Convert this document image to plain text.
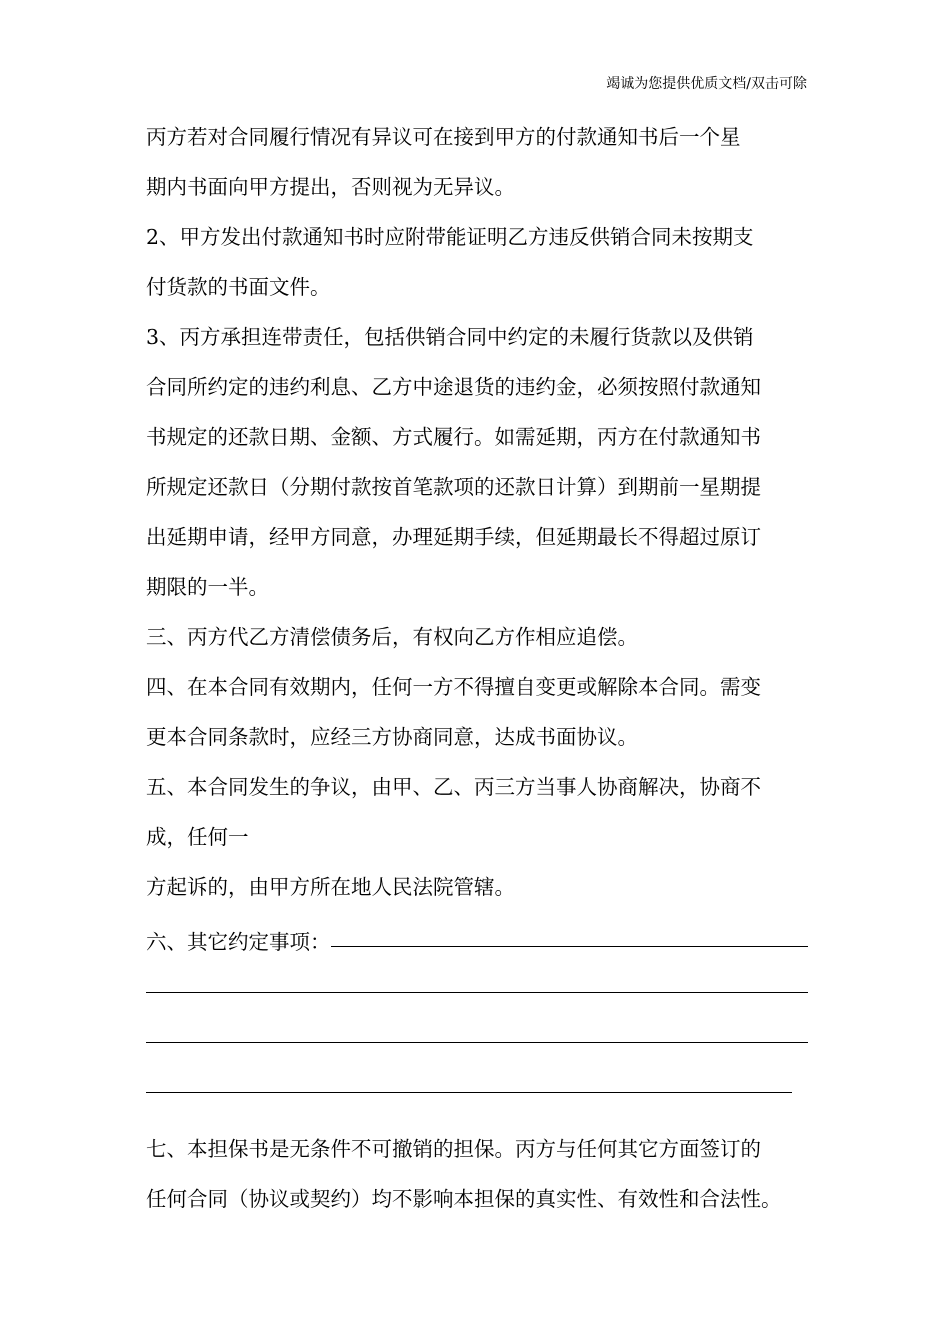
竭诚为您提供优质文档/双击可除
丙方若对合同履行情况有异议可在接到甲方的付款通知书后一个星
期内书面向甲方提出，否则视为无异议。
2、甲方发出付款通知书时应附带能证明乙方违反供销合同未按期支
付货款的书面文件。
3、丙方承担连带责任，包括供销合同中约定的未履行货款以及供销
合同所约定的违约利息、乙方中途退货的违约金，必须按照付款通知
书规定的还款日期、金额、方式履行。如需延期，丙方在付款通知书
所规定还款日（分期付款按首笔款项的还款日计算）到期前一星期提
出延期申请，经甲方同意，办理延期手续，但延期最长不得超过原订
期限的一半。
三、丙方代乙方清偿债务后，有权向乙方作相应追偿。
四、在本合同有效期内，任何一方不得擅自变更或解除本合同。需变
更本合同条款时，应经三方协商同意，达成书面协议。
五、本合同发生的争议，由甲、乙、丙三方当事人协商解决，协商不
成，任何一
方起诉的，由甲方所在地人民法院管辖。
六、其它约定事项：
七、本担保书是无条件不可撤销的担保。丙方与任何其它方面签订的
任何合同（协议或契约）均不影响本担保的真实性、有效性和合法性。
